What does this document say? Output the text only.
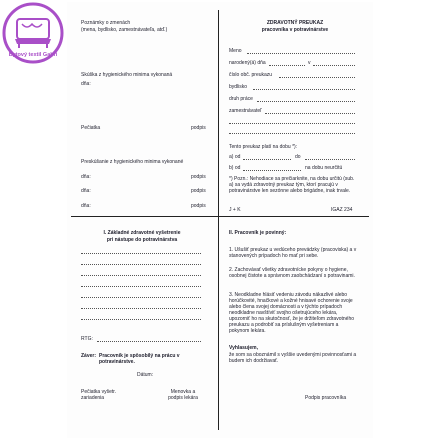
Bytový textil Gabri
Poznámky o zmenách
(mena, bydlisko, zamestnávateľa, atď.)
Skúška z hygienického minima vykonaná
dňa:
Pečiatka	podpis
Preskúšanie z hygienického minima vykonané
dňa:	podpis
dňa:	podpis
dňa:	podpis
ZDRAVOTNÝ PREUKAZ
pracovníka v potravinárstve
Meno
narodený(á) dňa	v
číslo obč. preukazu
bydlisko
druh práce
zamestnávateľ
Tento preukaz platí na dobu *):
a) od	do
b) od	na dobu neurčitú
*) Pozn.: Nehodiace sa prečiarknite, na dobu určitú (sub. a) sa vydá zdravotný preukaz tým, ktorí pracujú v potravinárstve len sezónne alebo brigádne, inak trvale.
J + K	IGAZ 234
I. Základné zdravotné vyšetrenie
pri nástupe do potravinárstva
RTG:
Záver: Pracovník je spôsobilý na prácu v potravinárstve.
Dátum:
Pečiatka vyšetr. zariadenia
Menovka a podpis lekára
II. Pracovník je povinný:
1. Ušušiť preukaz u vedúceho prevádzky (pracoviska) a v stanovených prípadoch ho mať pri sebe.
2. Zachovávať všetky zdravotnícke pokyny o hygiene, osobnej čistote a správnom zaobchádzaní s potravinami.
3. Neodkladne hlásiť vedeniu závodu nákazlivé alebo horúčkovité, hnačkové a kožné hnisavé ochorenie svoje alebo člena svojej domácnosti a v týchto prípadoch neodkladne navštíviť svojho ošetrujúceho lekára, upozorniť ho na skutočnosť, že je držiteľom zdravotného preukazu a podrobiť sa príslušným vyšetreniam a pokynom lekára.
Vyhlasujem,
že som sa oboznámil s vyššie uvedenými povinnosťami a budem ich dodržiavať.
Podpis pracovníka
